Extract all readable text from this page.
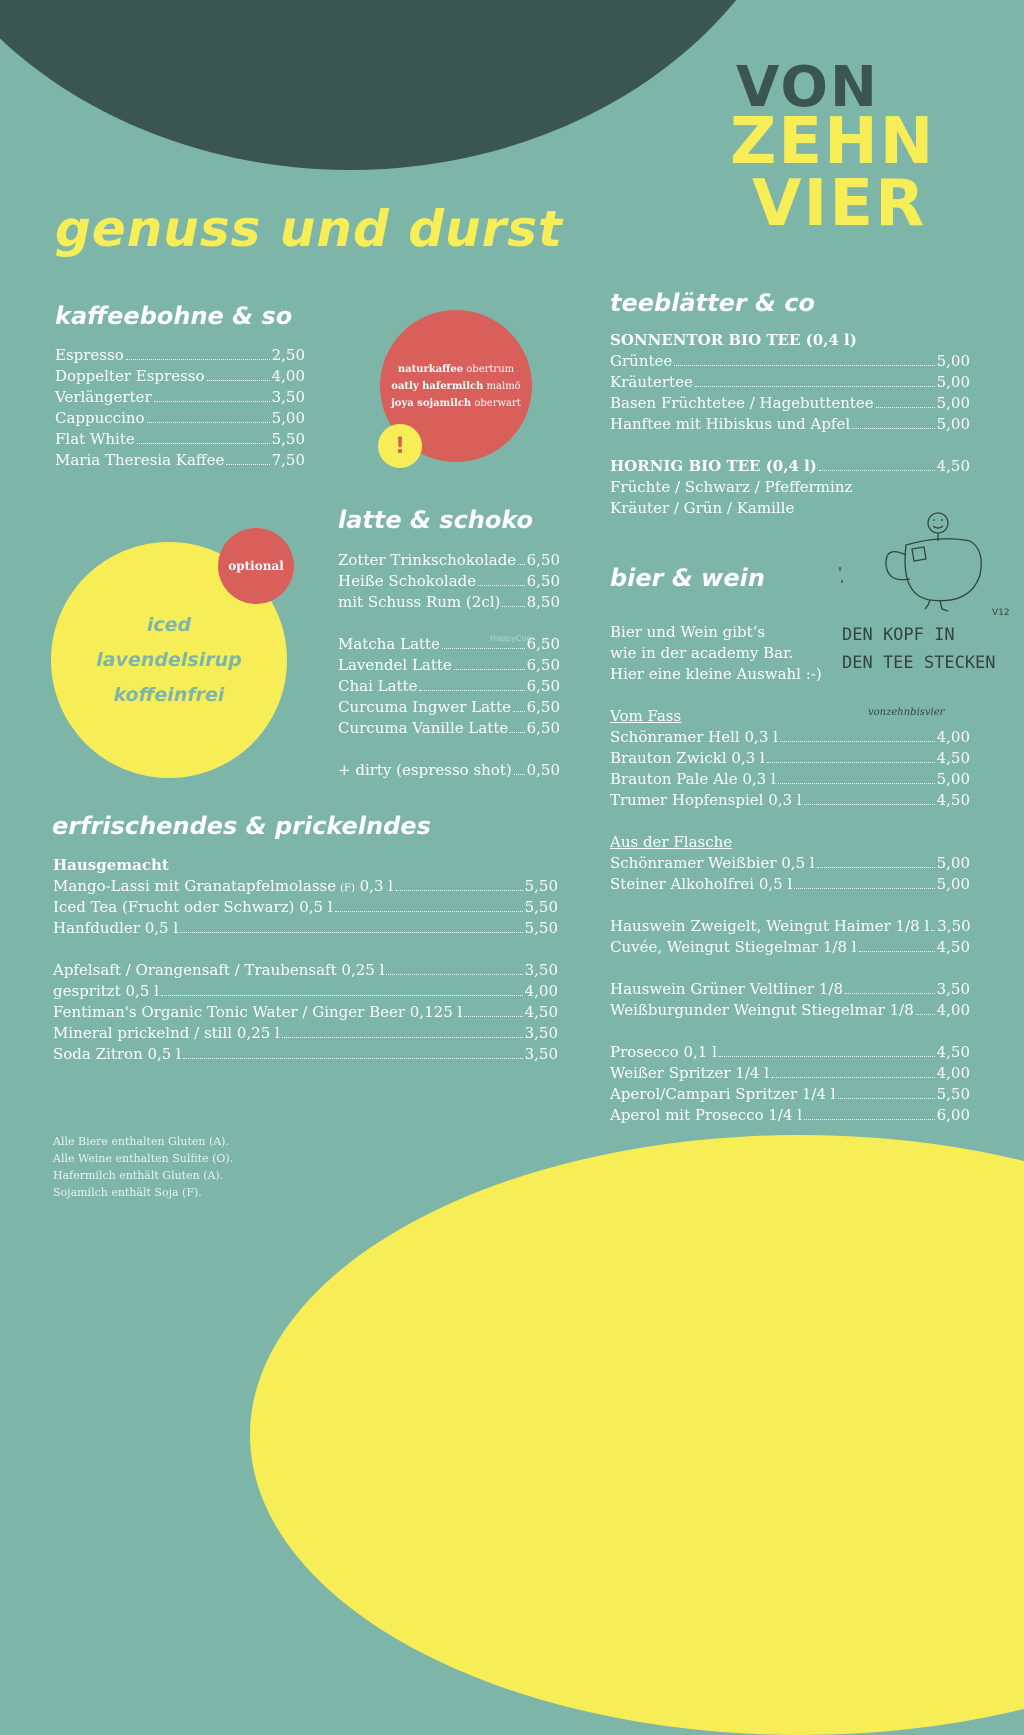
VON
ZEHN
VIER
genuss und durst
kaffeebohne & so
Espresso	2,50
Doppelter Espresso	4,00
Verlängerter	3,50
Cappuccino	5,00
Flat White	5,50
Maria Theresia Kaffee	7,50
naturkaffee obertrum
oatly hafermilch malmö
joya sojamilch oberwart
!
latte & schoko
Zotter Trinkschokolade 6,50
Heiße Schokolade	6,50
mit Schuss Rum (2cl) 8,50
Matcha Latte	6,50
Lavendel Latte	6,50
Chai Latte	6,50
Curcuma Ingwer Latte 6,50
Curcuma Vanille Latte 6,50
+ dirty (espresso shot) 0,50
HappyCow
iced
lavendelsirup
koffeinfrei
optional
erfrischendes & prickelndes
Hausgemacht
Mango-Lassi mit Granatapfelmolasse (F) 0,3 l	5,50
Iced Tea (Frucht oder Schwarz) 0,5 l	5,50
Hanfdudler 0,5 l	5,50
Apfelsaft / Orangensaft / Traubensaft 0,25 l	3,50
gespritzt 0,5 l	4,00
Fentiman's Organic Tonic Water / Ginger Beer 0,125 l	4,50
Mineral prickelnd / still 0,25 l	3,50
Soda Zitron 0,5 l	3,50
teeblätter & co
SONNENTOR BIO TEE (0,4 l)
Grüntee	5,00
Kräutertee	5,00
Basen Früchtetee / Hagebuttentee	5,00
Hanftee mit Hibiskus und Apfel	5,00
HORNIG BIO TEE (0,4 l)	4,50
Früchte / Schwarz / Pfefferminz
Kräuter / Grün / Kamille
DEN KOPF IN
DEN TEE STECKEN
V12
vonzehnbisvier
bier & wein
Bier und Wein gibt‘s
wie in der academy Bar.
Hier eine kleine Auswahl :-)
Vom Fass
Schönramer Hell 0,3 l	4,00
Brauton Zwickl 0,3 l	4,50
Brauton Pale Ale 0,3 l	5,00
Trumer Hopfenspiel 0,3 l	4,50
Aus der Flasche
Schönramer Weißbier 0,5 l	5,00
Steiner Alkoholfrei 0,5 l	5,00
Hauswein Zweigelt, Weingut Haimer 1/8 l 3,50
Cuvée, Weingut Stiegelmar 1/8 l	4,50
Hauswein Grüner Veltliner 1/8	3,50
Weißburgunder Weingut Stiegelmar 1/8 4,00
Prosecco 0,1 l	4,50
Weißer Spritzer 1/4 l	4,00
Aperol/Campari Spritzer 1/4 l	5,50
Aperol mit Prosecco 1/4 l	6,00
Alle Biere enthalten Gluten (A).
Alle Weine enthalten Sulfite (O).
Hafermilch enthält Gluten (A).
Sojamilch enthält Soja (F).
